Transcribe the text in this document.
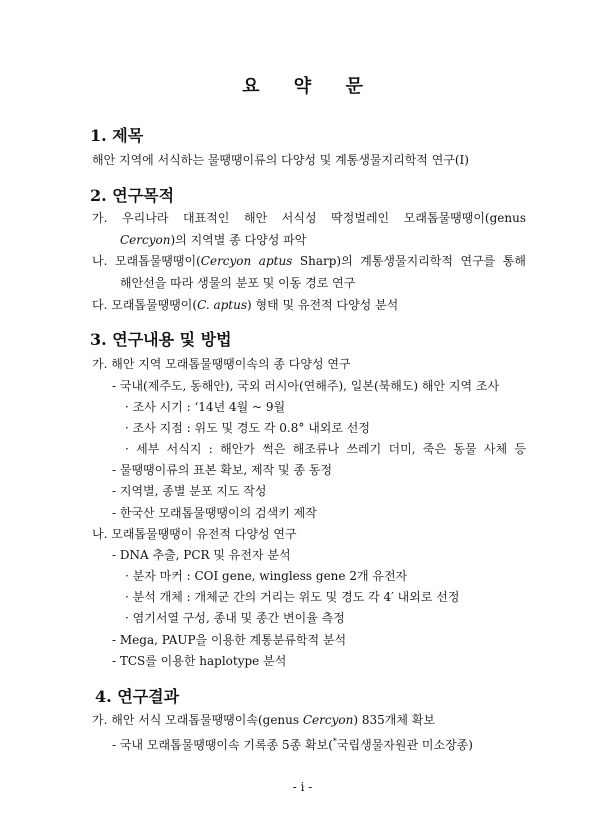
요 약 문
1. 제목
해안 지역에 서식하는 물땡땡이류의 다양성 및 계통생물지리학적 연구(I)
2. 연구목적
가. 우리나라 대표적인 해안 서식성 딱정벌레인 모래톱물땡땡이(genus
Cercyon)의 지역별 종 다양성 파악
나. 모래톱물땡땡이(Cercyon aptus Sharp)의 계통생물지리학적 연구를 통해
해안선을 따라 생물의 분포 및 이동 경로 연구
다. 모래톱물땡땡이(C. aptus) 형태 및 유전적 다양성 분석
3. 연구내용 및 방법
가. 해안 지역 모래톱물땡땡이속의 종 다양성 연구
- 국내(제주도, 동해안), 국외 러시아(연해주), 일본(북해도) 해안 지역 조사
· 조사 시기 : ‘14년 4월 ~ 9월
· 조사 지점 : 위도 및 경도 각 0.8° 내외로 선정
· 세부 서식지 : 해안가 썩은 해조류나 쓰레기 더미, 죽은 동물 사체 등
- 물땡땡이류의 표본 확보, 제작 및 종 동정
- 지역별, 종별 분포 지도 작성
- 한국산 모래톱물땡땡이의 검색키 제작
나. 모래톱물땡땡이 유전적 다양성 연구
- DNA 추출, PCR 및 유전자 분석
· 분자 마커 : COI gene, wingless gene 2개 유전자
· 분석 개체 : 개체군 간의 거리는 위도 및 경도 각 4′ 내외로 선정
· 염기서열 구성, 종내 및 종간 변이율 측정
- Mega, PAUP을 이용한 계통분류학적 분석
- TCS를 이용한 haplotype 분석
4. 연구결과
가. 해안 서식 모래톱물땡땡이속(genus Cercyon) 835개체 확보
- 국내 모래톱물땡땡이속 기록종 5종 확보(*국립생물자원관 미소장종)
- i -
